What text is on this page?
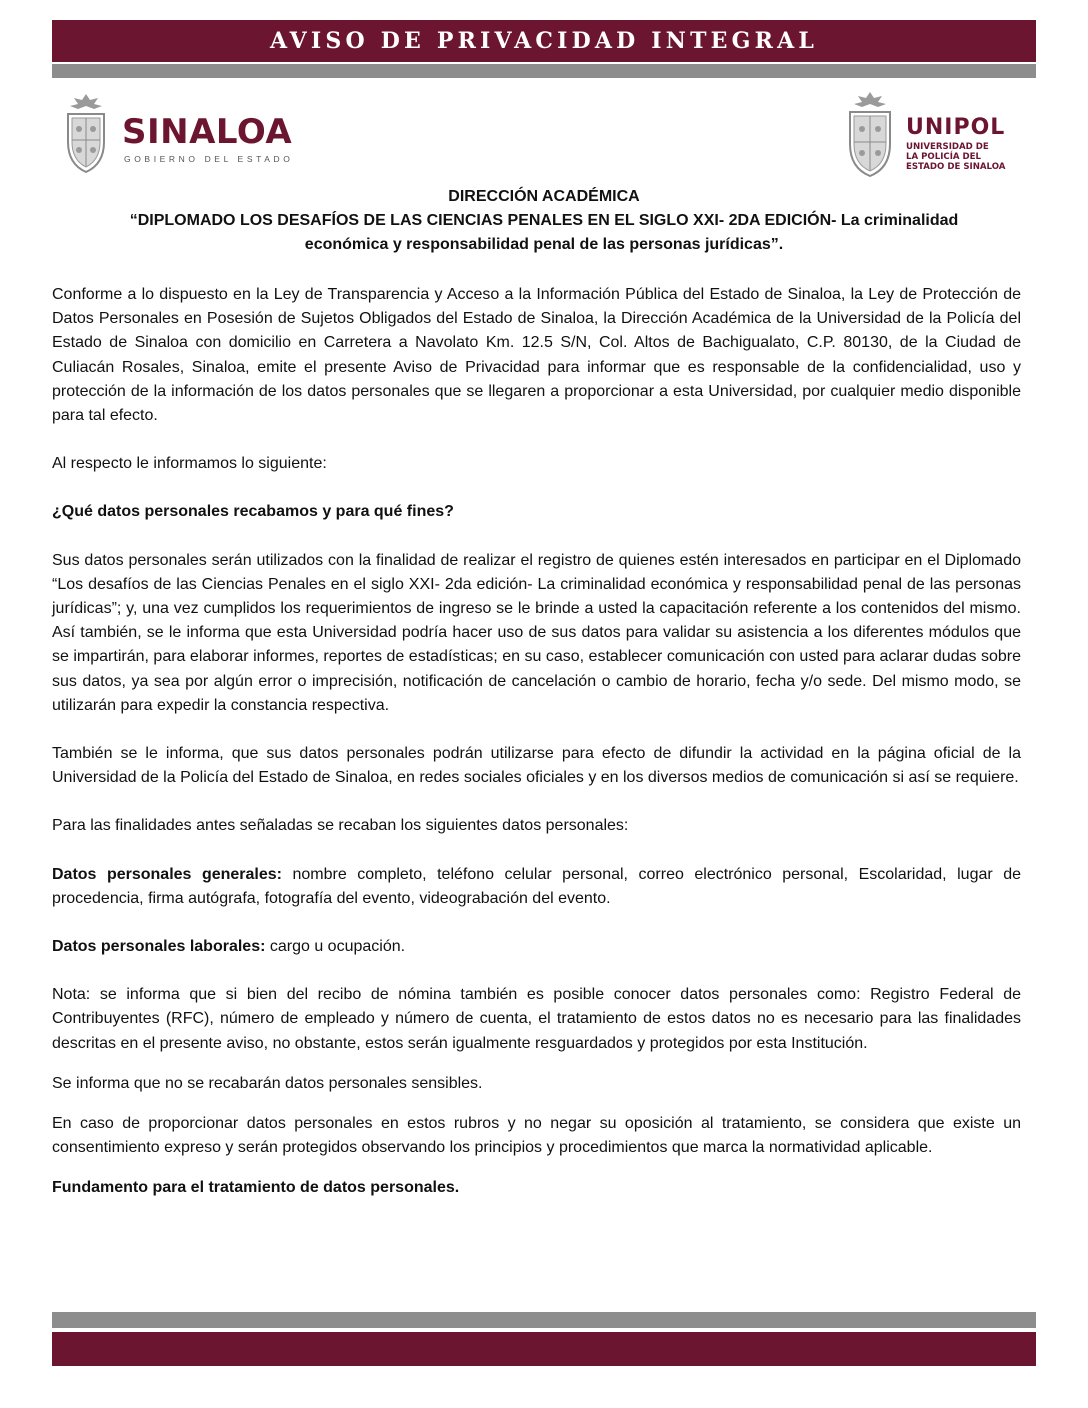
AVISO DE PRIVACIDAD INTEGRAL
SINALOA
GOBIERNO DEL ESTADO
UNIPOL
UNIVERSIDAD DE
LA POLICÍA DEL
ESTADO DE SINALOA
DIRECCIÓN ACADÉMICA
“DIPLOMADO LOS DESAFÍOS DE LAS CIENCIAS PENALES EN EL SIGLO XXI- 2DA EDICIÓN- La criminalidad
económica y responsabilidad penal de las personas jurídicas”.

Conforme a lo dispuesto en la Ley de Transparencia y Acceso a la Información Pública del Estado de Sinaloa, la Ley de Protección de Datos Personales en Posesión de Sujetos Obligados del Estado de Sinaloa, la Dirección Académica de la Universidad de la Policía del Estado de Sinaloa con domicilio en Carretera a Navolato Km. 12.5 S/N, Col. Altos de Bachigualato, C.P. 80130, de la Ciudad de Culiacán Rosales, Sinaloa, emite el presente Aviso de Privacidad para informar que es responsable de la confidencialidad, uso y protección de la información de los datos personales que se llegaren a proporcionar a esta Universidad, por cualquier medio disponible para tal efecto.

Al respecto le informamos lo siguiente:

¿Qué datos personales recabamos y para qué fines?

Sus datos personales serán utilizados con la finalidad de realizar el registro de quienes estén interesados en participar en el Diplomado “Los desafíos de las Ciencias Penales en el siglo XXI- 2da edición- La criminalidad económica y responsabilidad penal de las personas jurídicas”; y, una vez cumplidos los requerimientos de ingreso se le brinde a usted la capacitación referente a los contenidos del mismo. Así también, se le informa que esta Universidad podría hacer uso de sus datos para validar su asistencia a los diferentes módulos que se impartirán, para elaborar informes, reportes de estadísticas; en su caso, establecer comunicación con usted para aclarar dudas sobre sus datos, ya sea por algún error o imprecisión, notificación de cancelación o cambio de horario, fecha y/o sede. Del mismo modo, se utilizarán para expedir la constancia respectiva.

También se le informa, que sus datos personales podrán utilizarse para efecto de difundir la actividad en la página oficial de la Universidad de la Policía del Estado de Sinaloa, en redes sociales oficiales y en los diversos medios de comunicación si así se requiere.

Para las finalidades antes señaladas se recaban los siguientes datos personales:

Datos personales generales: nombre completo, teléfono celular personal, correo electrónico personal, Escolaridad, lugar de procedencia, firma autógrafa, fotografía del evento, videograbación del evento.

Datos personales laborales: cargo u ocupación.

Nota: se informa que si bien del recibo de nómina también es posible conocer datos personales como: Registro Federal de Contribuyentes (RFC), número de empleado y número de cuenta, el tratamiento de estos datos no es necesario para las finalidades descritas en el presente aviso, no obstante, estos serán igualmente resguardados y protegidos por esta Institución.

Se informa que no se recabarán datos personales sensibles.

En caso de proporcionar datos personales en estos rubros y no negar su oposición al tratamiento, se considera que existe un consentimiento expreso y serán protegidos observando los principios y procedimientos que marca la normatividad aplicable.

Fundamento para el tratamiento de datos personales.
